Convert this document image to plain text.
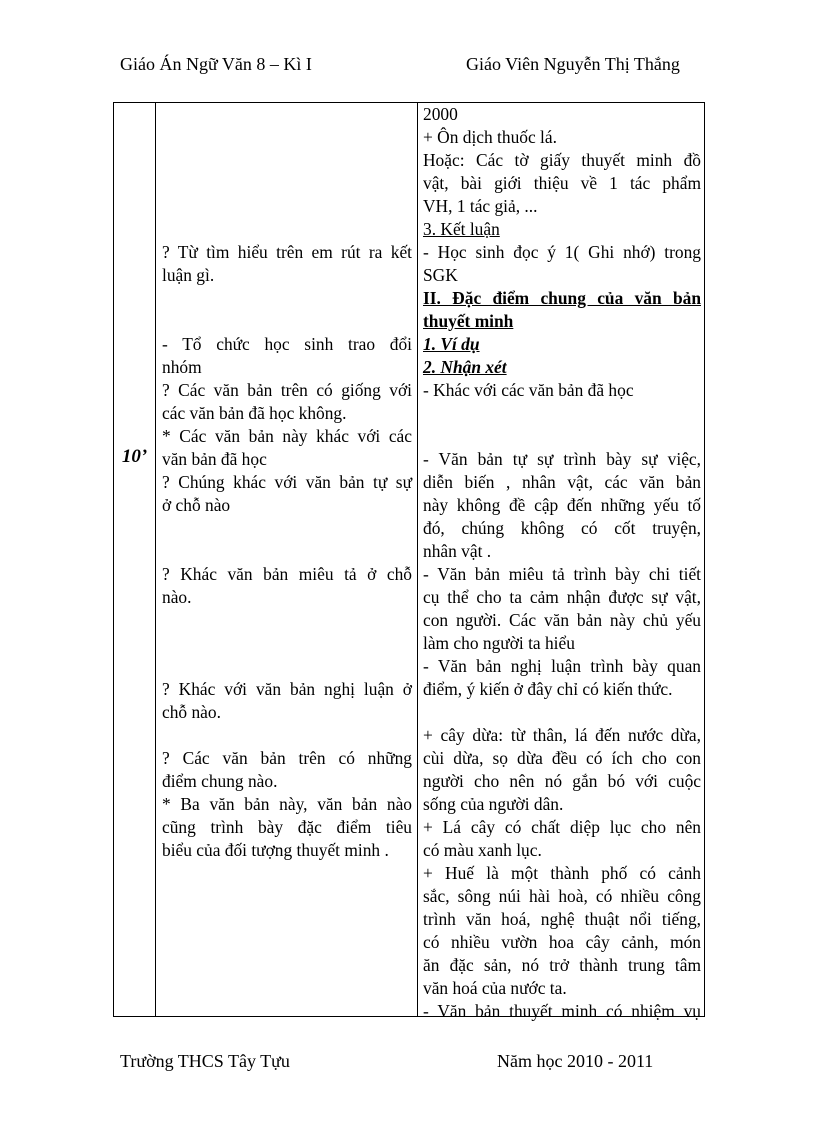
Giáo Án Ngữ Văn 8 – Kì I	Giáo Viên Nguyễn Thị Thắng
10’

? Từ tìm hiểu trên em rút ra kết

luận gì.

- Tổ chức học sinh trao đổi

nhóm

? Các văn bản trên có giống với

các văn bản đã học không.

* Các văn bản này khác với các

văn bản đã học

? Chúng khác với văn bản tự sự

ở chỗ nào

? Khác văn bản miêu tả ở chỗ

nào.

? Khác với văn bản nghị luận ở

chỗ nào.

? Các văn bản trên có những

điểm chung nào.

* Ba văn bản này, văn bản nào

cũng trình bày đặc điểm tiêu

biểu của đối tượng thuyết minh .

2000

+ Ôn dịch thuốc lá.

Hoặc: Các tờ giấy thuyết minh đồ

vật, bài giới thiệu về 1 tác phẩm

VH, 1 tác giả, ...

3. Kết luận

- Học sinh đọc ý 1( Ghi nhớ) trong

SGK

II. Đặc điểm chung của văn bản

thuyết minh

1. Ví dụ

2. Nhận xét

- Khác với các văn bản đã học

- Văn bản tự sự trình bày sự việc,

diễn biến , nhân vật, các văn bản

này không đề cập đến những yếu tố

đó, chúng không có cốt truyện,

nhân vật .

- Văn bản miêu tả trình bày chi tiết

cụ thể cho ta cảm nhận được sự vật,

con người. Các văn bản này chủ yếu

làm cho người ta hiểu

- Văn bản nghị luận trình bày quan

điểm, ý kiến ở đây chỉ có kiến thức.

+ cây dừa: từ thân, lá đến nước dừa,

cùi dừa, sọ dừa đều có ích cho con

người cho nên nó gắn bó với cuộc

sống của người dân.

+ Lá cây có chất diệp lục cho nên

có màu xanh lục.

+ Huế là một thành phố có cảnh

sắc, sông núi hài hoà, có nhiều công

trình văn hoá, nghệ thuật nổi tiếng,

có nhiều vườn hoa cây cảnh, món

ăn đặc sản, nó trở thành trung tâm

văn hoá của nước ta.

- Văn bản thuyết minh có nhiệm vụ

Trường THCS Tây Tựu	Năm học 2010 - 2011
